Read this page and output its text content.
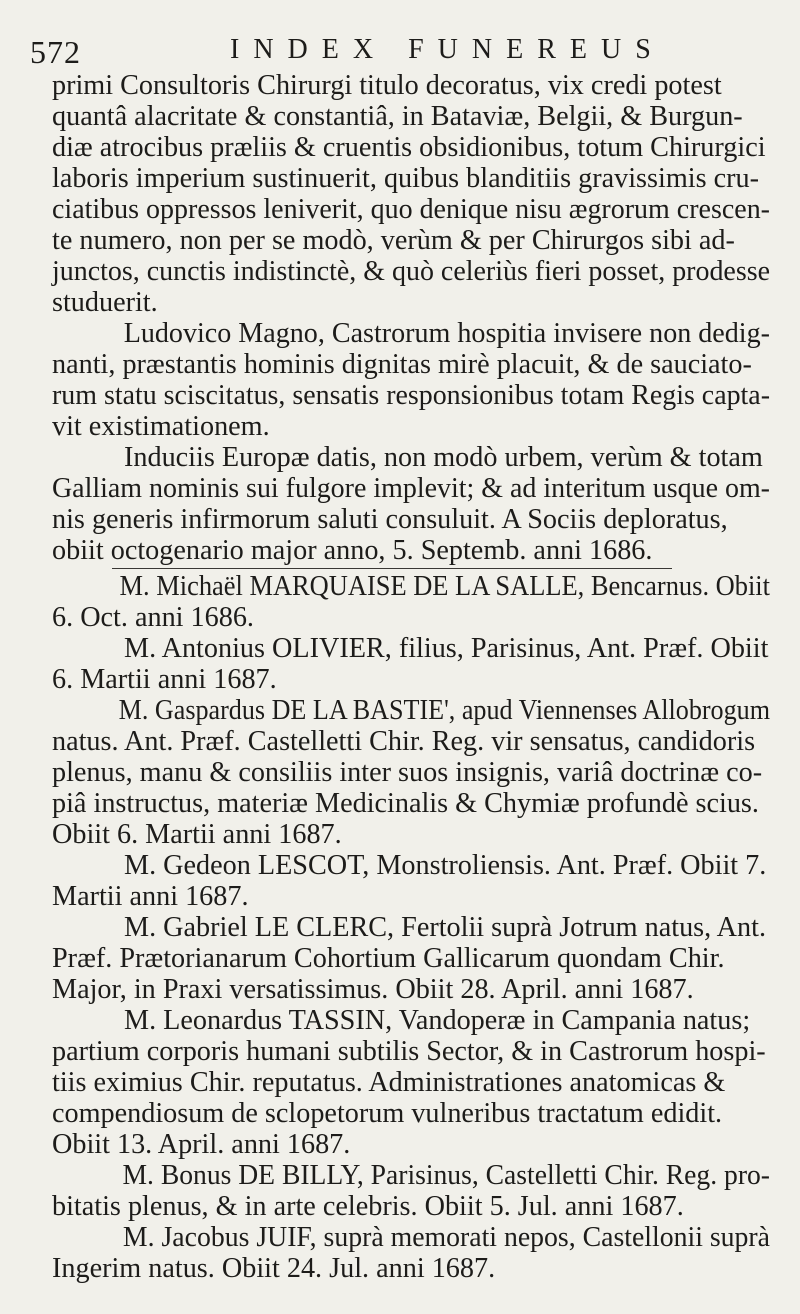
572	INDEX FUNEREUS
primi Consultoris Chirurgi titulo decoratus, vix credi potest
quantâ alacritate & constantiâ, in Bataviæ, Belgii, & Burgun-
diæ atrocibus præliis & cruentis obsidionibus, totum Chirurgici
laboris imperium sustinuerit, quibus blanditiis gravissimis cru-
ciatibus oppressos leniverit, quo denique nisu ægrorum crescen-
te numero, non per se modò, verùm & per Chirurgos sibi ad-
junctos, cunctis indistinctè, & quò celeriùs fieri posset, prodesse
studuerit.
Ludovico Magno, Castrorum hospitia invisere non dedig-
nanti, præstantis hominis dignitas mirè placuit, & de sauciato-
rum statu sciscitatus, sensatis responsionibus totam Regis capta-
vit existimationem.
Induciis Europæ datis, non modò urbem, verùm & totam
Galliam nominis sui fulgore implevit; & ad interitum usque om-
nis generis infirmorum saluti consuluit. A Sociis deploratus,
obiit octogenario major anno, 5. Septemb. anni 1686.
M. Michaël MARQUAISE DE LA SALLE, Bencarnus. Obiit
6. Oct. anni 1686.
M. Antonius OLIVIER, filius, Parisinus, Ant. Præf. Obiit
6. Martii anni 1687.
M. Gaspardus DE LA BASTIE', apud Viennenses Allobrogum
natus. Ant. Præf. Castelletti Chir. Reg. vir sensatus, candidoris
plenus, manu & consiliis inter suos insignis, variâ doctrinæ co-
piâ instructus, materiæ Medicinalis & Chymiæ profundè scius.
Obiit 6. Martii anni 1687.
M. Gedeon LESCOT, Monstroliensis. Ant. Præf. Obiit 7.
Martii anni 1687.
M. Gabriel LE CLERC, Fertolii suprà Jotrum natus, Ant.
Præf. Prætorianarum Cohortium Gallicarum quondam Chir.
Major, in Praxi versatissimus. Obiit 28. April. anni 1687.
M. Leonardus TASSIN, Vandoperæ in Campania natus;
partium corporis humani subtilis Sector, & in Castrorum hospi-
tiis eximius Chir. reputatus. Administrationes anatomicas &
compendiosum de sclopetorum vulneribus tractatum edidit.
Obiit 13. April. anni 1687.
M. Bonus DE BILLY, Parisinus, Castelletti Chir. Reg. pro-
bitatis plenus, & in arte celebris. Obiit 5. Jul. anni 1687.
M. Jacobus JUIF, suprà memorati nepos, Castellonii suprà
Ingerim natus. Obiit 24. Jul. anni 1687.
